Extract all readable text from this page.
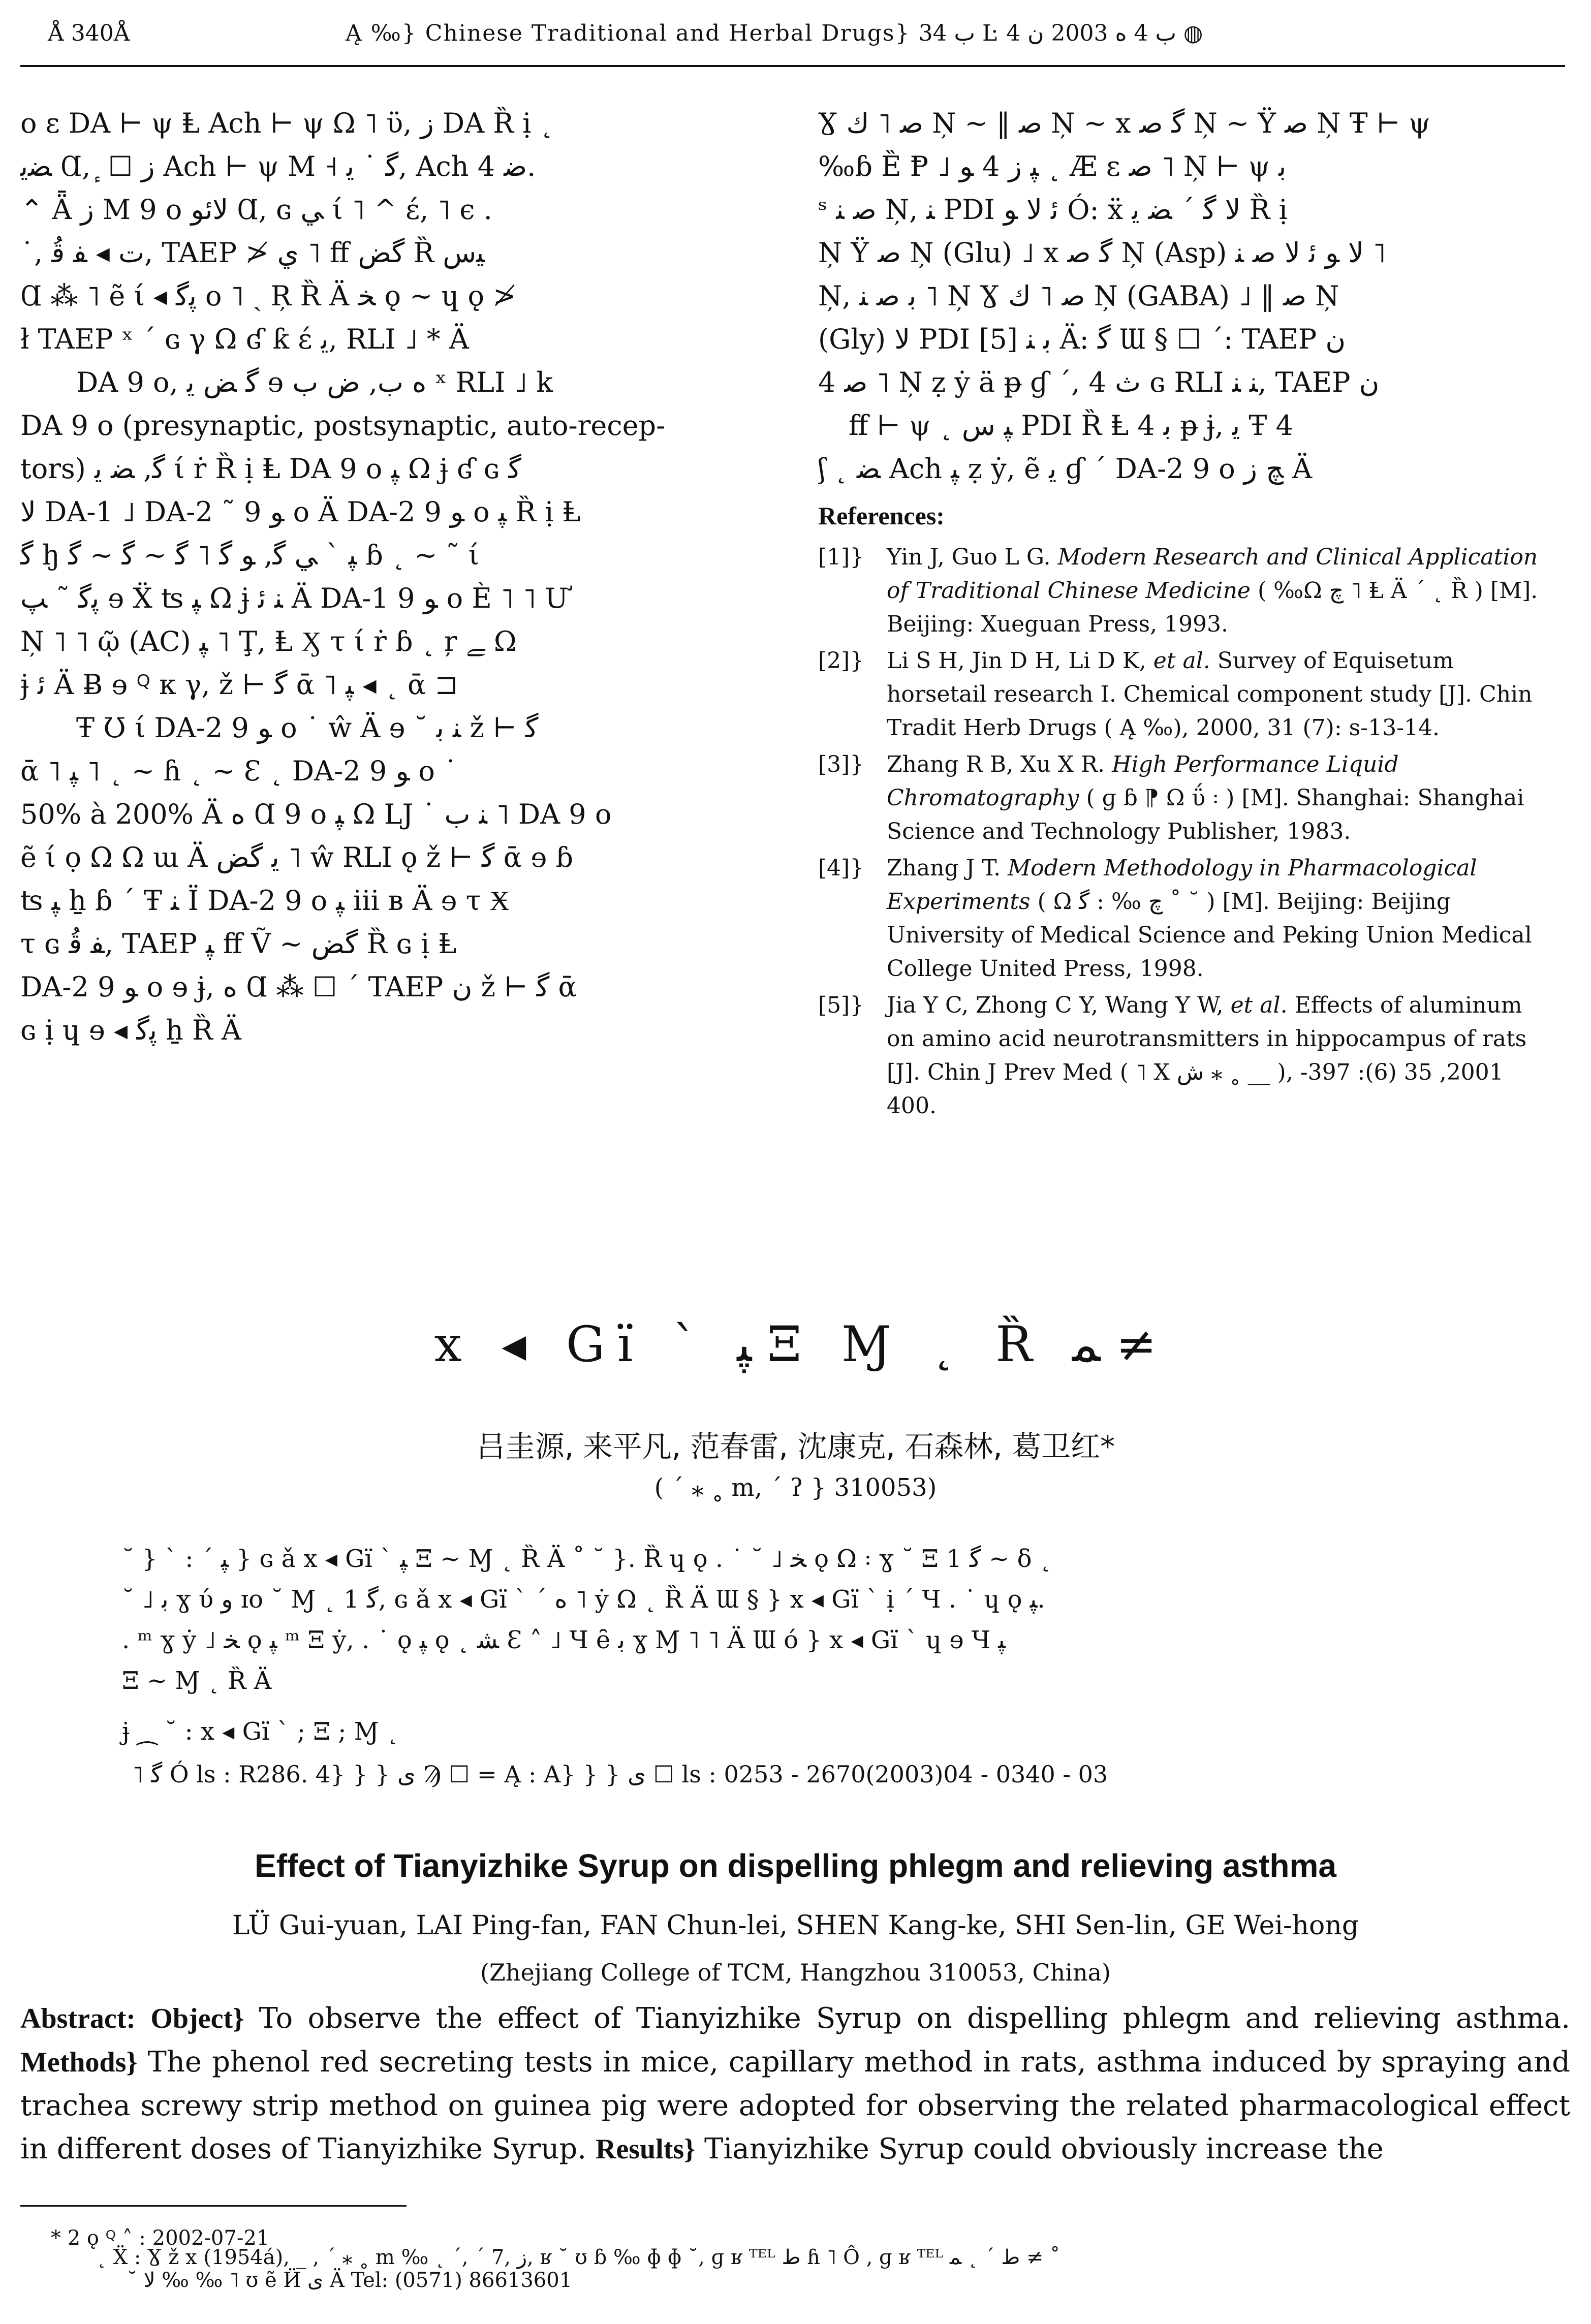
Å 340Å	Ą ‰} Chinese Traditional and Herbal Drugs} ﺏ 34 Ŀ ﺏ 4 ﻩ 2003 ﻥ 4 ◍

ο ε DA ⊢ ψ Ⱡ Ach ⊢ ψ Ω ˥ ϋ, ز DA Ȑ ị ˛

ﻀﻳ Ɑ, ٕ ☐ ز Ach ⊢ ψ M ˧ ﮔ ˙ ﻳ, Ach 4 ﺿ.

⌃ Ǟ ز M 9 ο ﻻﺋﻮ Ɑ, ɢ ﻲ ί ˥ ^ έ, ˥ ϵ .

˙, ﺕ ◂ ﻔ ﻗُ, TAEP ≯ ﻱ ˥ ﬀ ﮔﺾ Ȑ ﻴﺱ

Ɑ ⁂ ˥ ẽ ί ◂ ﭘﮔ ο ˥ ˏ Ŗ Ȑ Ä ﺨ ǫ ~ ɥ ǫ ≯

ł TAEP ˣ ˊ ɢ γ Ω ʛ ƙ έ ﯾ, RLI ˩ * Ä

DA 9 ο, ﮔ ﺾ ﻳ ɘ ﻩ ﺏ, ﺽ ﺏ ˣ RLI ˩ k

DA 9 ο (presynaptic, postsynaptic, auto-recep-

tors) ﮔ, ﻀ ﻳ ί ṙ Ȑ ị Ⱡ DA 9 ο ﭙ Ω ɉ ʛ ɢ ﮔ

ﻻ DA-1 ˩ DA-2 ˜ ﻮ 9 ο Ä DA-2 ﻮ 9 ο ﭙ Ȑ ị Ⱡ

ﮔ ꜧ ﭙ ˋ ﻲ ﮔ, ﻮ ﮔ ˥ ﮔ ~ ﮔ ~ ﮔ ɓ ˛ ~ ˜ ί

ﭘﮔ ˜ ﭗ ɘ Ẍ ʦ ﭙ Ω ɉ ﻨ ﺋ Ä DA-1 ﻮ 9 ο È ˥ ˥ Ư

Ņ ˥ ˥ ῷ (AC) ﭙ ˥ Ţ, Ⱡ Ӽ τ ί ṙ ɓ ˛ ŗ ﮯ Ω

ɉ ﺋ Ä Ƀ ɘ ꟴ κ γ, ž ⊢ ﮔ ᾱ ˥ ﭙ ◂ ˛ ᾱ ⊐

Ŧ Ʊ ί DA-2 ﻮ 9 ο ˙ ŵ Ä ɘ ˘ ﻨ ﺑ ž ⊢ ﮔ

ᾱ ˥ ﭙ ˥ ˛ ~ ɦ ˛ ~ Ɛ ˛ DA-2 ﻮ 9 ο ˙

50% à 200% Ä ﻩ Ɑ 9 ο ﭙ Ω Ǉ ˙ ﻨ ﺏ ˥ DA 9 ο

ẽ ί ọ Ω Ω ɯ Ä ﯾ ﮔﺾ ˥ ŵ RLI ǫ ž ⊢ ﮔ ᾱ ɘ ɓ

ʦ ﭙ ẖ ɓ ˊ Ŧ ﻨ Ϊ DA-2 9 ο ﭙ iii ʙ Ä ɘ τ Ӿ

τ ɢ ﻔ ﻗُ, TAEP ﭙ ﬀ Ṽ ~ ﮔﺾ Ȑ ɢ ị Ⱡ

DA-2 ﻮ 9 ο ɘ ɉ, ﻩ Ɑ ⁂ ☐ ˊ TAEP ﻥ ž ⊢ ﮔ ᾱ

ɢ ị ɥ ɘ ◂ ﭘﮔ ẖ Ȑ Ä

Ɣ ﺻ ˥ ﻙ Ņ ~ ‖ ﺻ Ņ ~ x ﮔ ﺻ Ņ ~ Ÿ ﺻ Ņ Ŧ ⊢ ψ

‰ɓ Ȅ Ᵽ ˩ ﭙ ﺯ 4 ﻮ ˛ Æ ε ﺻ ˥ Ņ ⊢ ψ ﺑ

ˢ ﺻ ﻨ Ņ, ﻨ PDI ﺋ ﻻ ﻮ Ó: ẍ ﻻ ﮔ ˊ ﻀ ﻳ Ȑ ị

Ņ Ÿ ﺻ Ņ (Glu) ˩ x ﮔ ﺻ Ņ (Asp) ﻻ ﻮ ﺋ ﻻ ﺻ ﻨ ˥

Ņ, ﺑ ﺻ ﻨ ˥ Ņ Ɣ ﺻ ˥ ﻙ Ņ (GABA) ˩ ‖ ﺻ Ņ

(Gly) ﻻ PDI ﺑ ﻨ [5] Ä: ﮔ Ɯ § ☐ ˊ: TAEP ﻥ

4 ﺻ ˥ Ņ ẓ ẏ ä ᵽ ɠ ˊ, 4 ﺙ ɢ RLI ﻨ ﻨ, TAEP ﻥ

ﬀ ⊢ ψ ˛ ﭙ ﺱ PDI Ȑ Ⱡ 4 ﺑ ᵽ ɉ, ﻳ Ŧ 4

ʃ ˛ ﻀ Ach ﭙ ẓ ẏ, ẽ ﯾ ɠ ˊ DA-2 9 ο ﭻ ﺯ Ä

References:
[1]} Yin J, Guo L G. Modern Research and Clinical Application of Traditional Chinese Medicine ( ‰Ω ﭺ ˥ Ⱡ Ä ˊ ˛ Ȑ ) [M]. Beijing: Xueguan Press, 1993.
[2]} Li S H, Jin D H, Li D K, et al. Survey of Equisetum horsetail research I. Chemical component study [J]. Chin Tradit Herb Drugs ( Ą ‰), 2000, 31 (7): s-13-14.
[3]} Zhang R B, Xu X R. High Performance Liquid Chromatography ( ɡ ɓ ⁋ Ω ΰ ꞉ ) [M]. Shanghai: Shanghai Science and Technology Publisher, 1983.
[4]} Zhang J T. Modern Methodology in Pharmacological Experiments ( Ω ﭺ ‰ : ﮔ ˚ ˘ ) [M]. Beijing: Beijing University of Medical Science and Peking Union Medical College United Press, 1998.
[5]} Jia Y C, Zhong C Y, Wang Y W, et al. Effects of aluminum on amino acid neurotransmitters in hippocampus of rats [J]. Chin J Prev Med ( ˥ X ﺵ ⁎ ˳ __ ), 2001, 35 (6): 397-400.
x ◂ Gï ` ﭙ Ξ Ɱ ˛ Ȑ ﻤ ≠
吕圭源, 来平凡, 范春雷, 沈康克, 石森林, 葛卫红*
( ˊ ⁎ ˳ m, ˊ ʔ } 310053)
˘ } ˋ : ˊ ﭙ } ɢ ǎ x ◂ Gï ` ﭙ Ξ ~ Ɱ ˛ Ȑ Ä ˚ ˘ }. Ȑ ɥ ǫ . ˙ ˘ ˩ ﺨ ǫ Ω ꞉ ɣ ˘ Ξ 1 ﮔ ~ δ ˛
˘ ˩ ﺑ ɣ ύ ﻭ ɪᴏ ˘ Ɱ ˛ 1 ﮔ, ɢ ǎ x ◂ Gï ` ˊ ﻩ ˥ ẏ Ω ˛ Ȑ Ä Ɯ § } x ◂ Gï ` ị ˊ Ч . ˙ ɥ ǫ ﭙ.
. ᵐ ɣ ẏ ˩ ﺨ ǫ ﭙ ᵐ Ξ ẏ, . ˙ ǫ ﭙ ǫ ˛ ﺸ Ɛ ˄ ˩ Ч ȇ ﺑ ɣ Ɱ ˥ ˥ Ä Ɯ ó } x ◂ Gï ` ɥ ɘ Ч ﭙ
Ξ ~ Ɱ ˛ Ȑ Ä
ɉ ⁔ ˘ : x ◂ Gï ` ; Ξ ; Ɱ ˛
˥ ﮔ Ó ls : R286. 4} } } ﻯ Ϡ ☐ = Ą : A} } } ﻯ ☐ ls : 0253 - 2670(2003)04 - 0340 - 03
Effect of Tianyizhike Syrup on dispelling phlegm and relieving asthma
LÜ Gui-yuan, LAI Ping-fan, FAN Chun-lei, SHEN Kang-ke, SHI Sen-lin, GE Wei-hong
(Zhejiang College of TCM, Hangzhou 310053, China)
Abstract: Object} To observe the effect of Tianyizhike Syrup on dispelling phlegm and relieving asthma. Methods} The phenol red secreting tests in mice, capillary method in rats, asthma induced by spraying and trachea screwy strip method on guinea pig were adopted for observing the related pharmacological effect in different doses of Tianyizhike Syrup. Results} Tianyizhike Syrup could obviously increase the
* 2 ǫ ꟴ ˄ : 2002-07-21
˛ Ẍ : Ɣ ž x (1954á), _ , ˊ ⁎ ˳ m ‰ ˛ ˊ, ˊ 7, ز, ʁ ˘ ʊ ɓ ‰ ɸ ɸ ˘, ɡ ʁ ᵀᴱᴸ ﻁ ɦ ˥ Ô , ɡ ʁ ᵀᴱᴸ ﻁ ˊ ˛ ﻤ ≠ ˚
˘ ﻻ ‰ ‰ ˥ ʊ ẽ Ӥ ﻯ Ä Tel: (0571) 86613601
